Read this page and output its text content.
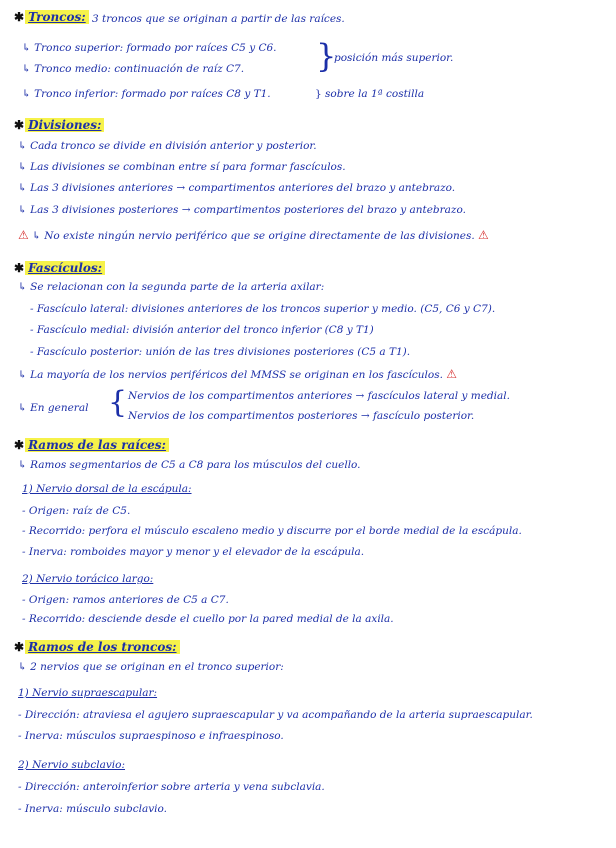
✱ Troncos: 3 troncos que se originan a partir de las raíces.
↳ Tronco superior: formado por raíces C5 y C6.
↳ Tronco medio: continuación de raíz C7. }
posición más superior.
↳ Tronco inferior: formado por raíces C8 y T1.	} sobre la 1ª costilla
✱ Divisiones:
↳ Cada tronco se divide en división anterior y posterior.
↳ Las divisiones se combinan entre sí para formar fascículos.
↳ Las 3 divisiones anteriores → compartimentos anteriores del brazo y antebrazo.
↳ Las 3 divisiones posteriores → compartimentos posteriores del brazo y antebrazo.
⚠ ↳ No existe ningún nervio periférico que se origine directamente de las divisiones. ⚠
✱ Fascículos:
↳ Se relacionan con la segunda parte de la arteria axilar:
- Fascículo lateral: divisiones anteriores de los troncos superior y medio. (C5, C6 y C7).
- Fascículo medial: división anterior del tronco inferior (C8 y T1)
- Fascículo posterior: unión de las tres divisiones posteriores (C5 a T1).
↳ La mayoría de los nervios periféricos del MMSS se originan en los fascículos. ⚠
↳ En general { Nervios de los compartimentos anteriores → fascículos lateral y medial.
Nervios de los compartimentos posteriores → fascículo posterior.
✱ Ramos de las raíces:
↳ Ramos segmentarios de C5 a C8 para los músculos del cuello.
1) Nervio dorsal de la escápula:
- Origen: raíz de C5.
- Recorrido: perfora el músculo escaleno medio y discurre por el borde medial de la escápula.
- Inerva: romboides mayor y menor y el elevador de la escápula.
2) Nervio torácico largo:
- Origen: ramos anteriores de C5 a C7.
- Recorrido: desciende desde el cuello por la pared medial de la axila.
✱ Ramos de los troncos:
↳ 2 nervios que se originan en el tronco superior:
1) Nervio supraescapular:
- Dirección: atraviesa el agujero supraescapular y va acompañando de la arteria supraescapular.
- Inerva: músculos supraespinoso e infraespinoso.
2) Nervio subclavio:
- Dirección: anteroinferior sobre arteria y vena subclavia.
- Inerva: músculo subclavio.
